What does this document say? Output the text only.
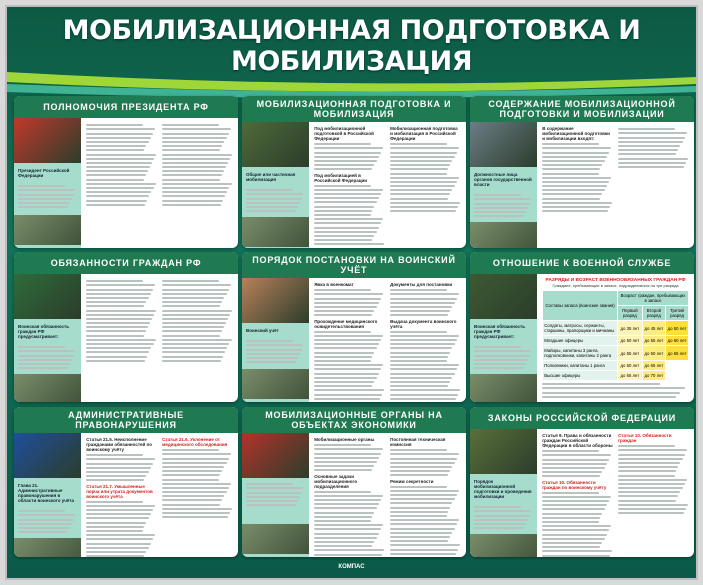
МОБИЛИЗАЦИОННАЯ ПОДГОТОВКА И МОБИЛИЗАЦИЯ
ПОЛНОМОЧИЯ ПРЕЗИДЕНТА РФ
Президент Российской Федерации
МОБИЛИЗАЦИОННАЯ ПОДГОТОВКА И МОБИЛИЗАЦИЯ
Общие или частичная мобилизация
Под мобилизационной подготовкой в Российской Федерации
Под мобилизацией в Российской Федерации
Мобилизационная подготовка и мобилизация в Российской Федерации
СОДЕРЖАНИЕ МОБИЛИЗАЦИОННОЙ ПОДГОТОВКИ И МОБИЛИЗАЦИИ
Должностные лица органов государственной власти
В содержание мобилизационной подготовки и мобилизации входят:
ОБЯЗАННОСТИ ГРАЖДАН РФ
Воинская обязанность граждан РФ предусматривает:
ПОРЯДОК ПОСТАНОВКИ НА ВОИНСКИЙ УЧЁТ
Воинский учёт
Явка в военкомат
Прохождение медицинского освидетельствования
Документы для постановки
Выдача документа воинского учёта
ОТНОШЕНИЕ К ВОЕННОЙ СЛУЖБЕ
Воинская обязанность граждан РФ предусматривает:
РАЗРЯДЫ И ВОЗРАСТ ВОЕННООБЯЗАННЫХ ГРАЖДАН РФ
Граждане, пребывающие в запасе, подразделяются на три разряда
Составы запаса (воинские звания)	Возраст граждан, пребывающих в запасе		
	Первый разряд	Второй разряд	Третий разряд
Солдаты, матросы, сержанты, старшины, прапорщики и мичманы	до 35 лет	до 45 лет	до 50 лет
Младшие офицеры	до 50 лет	до 55 лет	до 60 лет
Майоры, капитаны 3 ранга, подполковники, капитаны 2 ранга	до 55 лет	до 60 лет	до 65 лет
Полковники, капитаны 1 ранга	до 60 лет	до 65 лет	
Высшие офицеры	до 65 лет	до 70 лет	
АДМИНИСТРАТИВНЫЕ ПРАВОНАРУШЕНИЯ
Глава 21. Административные правонарушения в области воинского учёта
Статья 21.5. Неисполнение гражданами обязанностей по воинскому учёту
Статья 21.7. Умышленные порча или утрата документов воинского учёта
Статья 21.6. Уклонение от медицинского обследования
МОБИЛИЗАЦИОННЫЕ ОРГАНЫ НА ОБЪЕКТАХ ЭКОНОМИКИ
Мобилизационные органы
Основные задачи мобилизационного подразделения
Постоянная техническая комиссия
Режим секретности
ЗАКОНЫ РОССИЙСКОЙ ФЕДЕРАЦИИ
Порядок мобилизационной подготовки и проведения мобилизации
Статья 9. Права и обязанности граждан Российской Федерации в области обороны
Статья 10. Обязанности граждан по воинскому учёту
Статья 10. Обязанности граждан
КОМПАС
